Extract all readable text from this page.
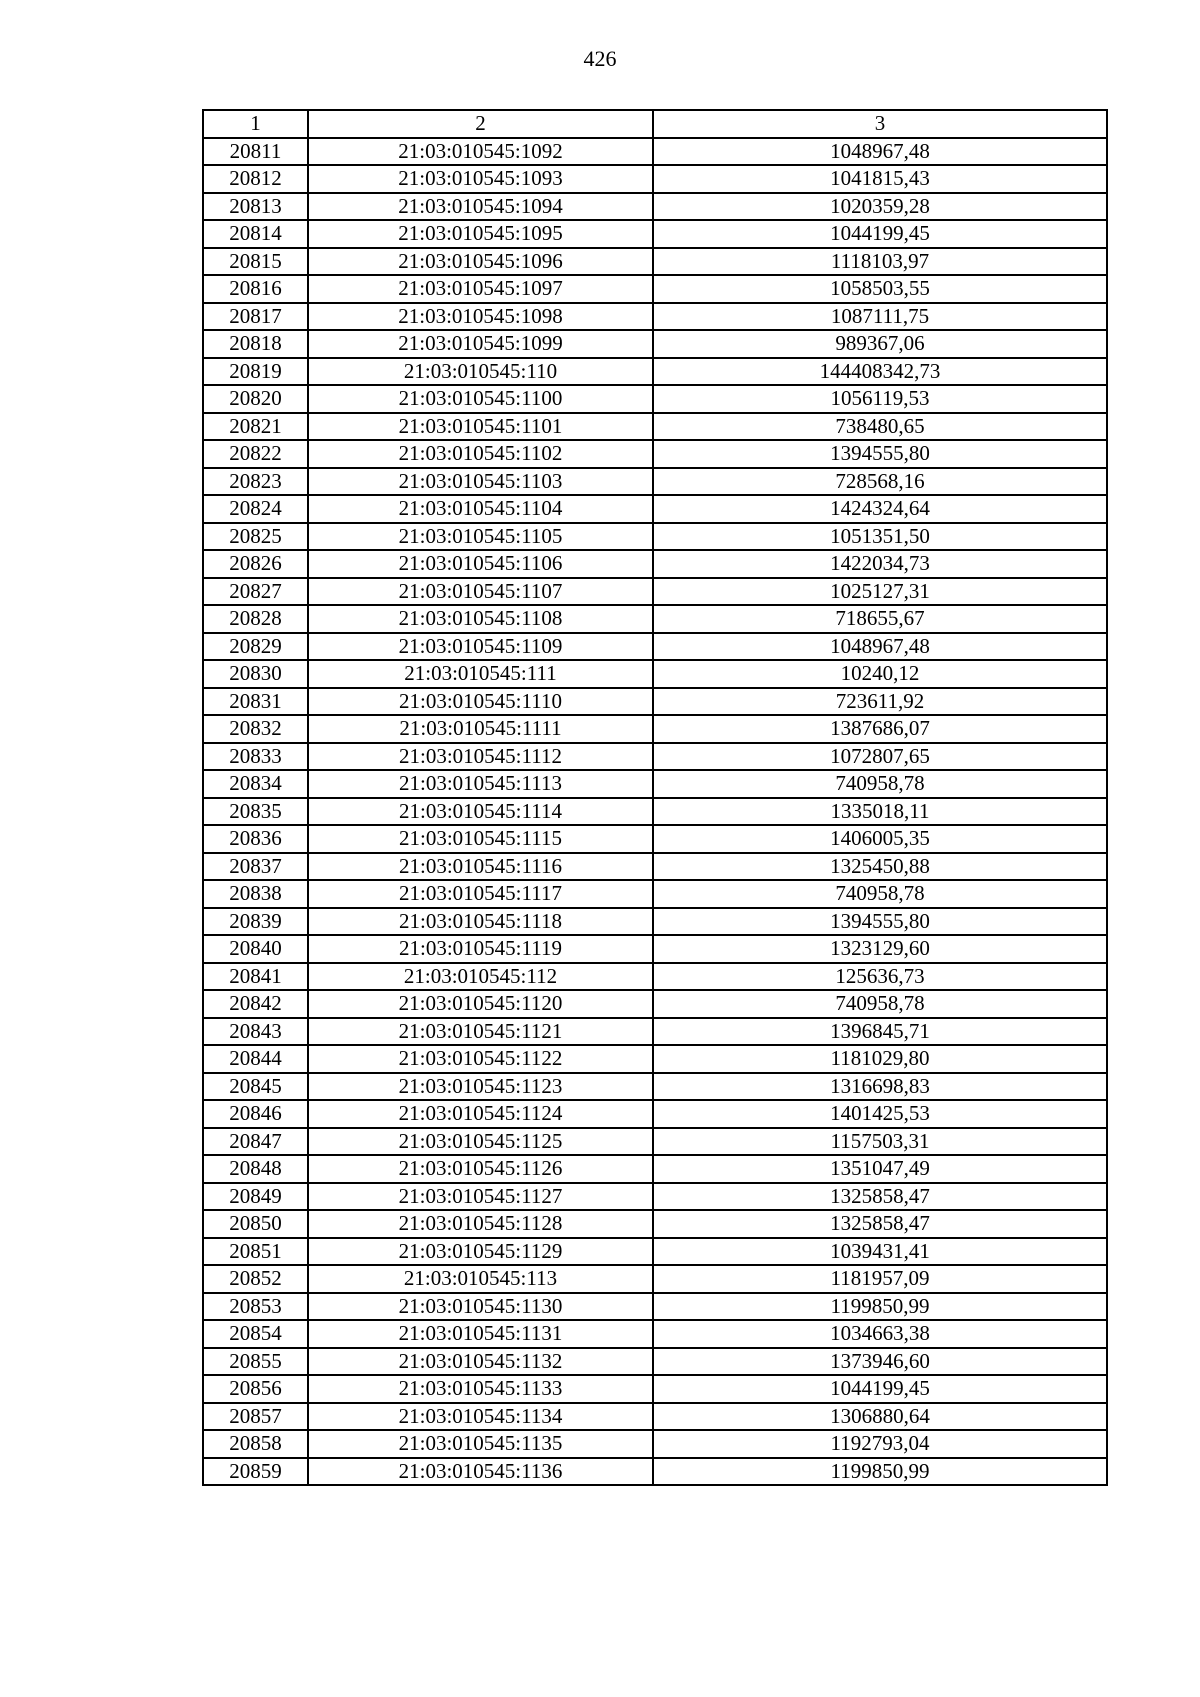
426
1	2	3
20811	21:03:010545:1092	1048967,48
20812	21:03:010545:1093	1041815,43
20813	21:03:010545:1094	1020359,28
20814	21:03:010545:1095	1044199,45
20815	21:03:010545:1096	1118103,97
20816	21:03:010545:1097	1058503,55
20817	21:03:010545:1098	1087111,75
20818	21:03:010545:1099	989367,06
20819	21:03:010545:110	144408342,73
20820	21:03:010545:1100	1056119,53
20821	21:03:010545:1101	738480,65
20822	21:03:010545:1102	1394555,80
20823	21:03:010545:1103	728568,16
20824	21:03:010545:1104	1424324,64
20825	21:03:010545:1105	1051351,50
20826	21:03:010545:1106	1422034,73
20827	21:03:010545:1107	1025127,31
20828	21:03:010545:1108	718655,67
20829	21:03:010545:1109	1048967,48
20830	21:03:010545:111	10240,12
20831	21:03:010545:1110	723611,92
20832	21:03:010545:1111	1387686,07
20833	21:03:010545:1112	1072807,65
20834	21:03:010545:1113	740958,78
20835	21:03:010545:1114	1335018,11
20836	21:03:010545:1115	1406005,35
20837	21:03:010545:1116	1325450,88
20838	21:03:010545:1117	740958,78
20839	21:03:010545:1118	1394555,80
20840	21:03:010545:1119	1323129,60
20841	21:03:010545:112	125636,73
20842	21:03:010545:1120	740958,78
20843	21:03:010545:1121	1396845,71
20844	21:03:010545:1122	1181029,80
20845	21:03:010545:1123	1316698,83
20846	21:03:010545:1124	1401425,53
20847	21:03:010545:1125	1157503,31
20848	21:03:010545:1126	1351047,49
20849	21:03:010545:1127	1325858,47
20850	21:03:010545:1128	1325858,47
20851	21:03:010545:1129	1039431,41
20852	21:03:010545:113	1181957,09
20853	21:03:010545:1130	1199850,99
20854	21:03:010545:1131	1034663,38
20855	21:03:010545:1132	1373946,60
20856	21:03:010545:1133	1044199,45
20857	21:03:010545:1134	1306880,64
20858	21:03:010545:1135	1192793,04
20859	21:03:010545:1136	1199850,99
